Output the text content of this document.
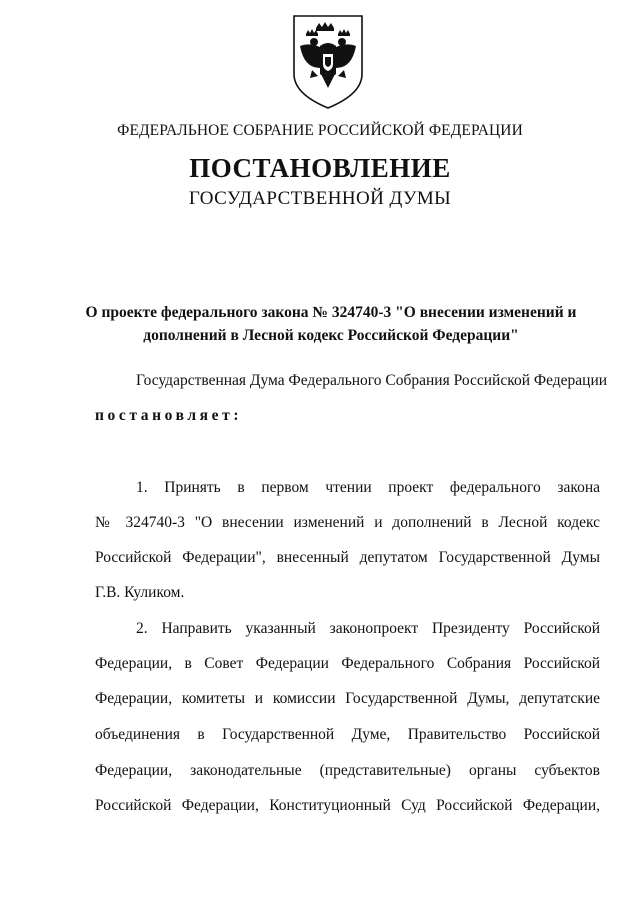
ФЕДЕРАЛЬНОЕ СОБРАНИЕ РОССИЙСКОЙ ФЕДЕРАЦИИ
ПОСТАНОВЛЕНИЕ
ГОСУДАРСТВЕННОЙ ДУМЫ
О проекте федерального закона № 324740-3 "О внесении изменений и
дополнений в Лесной кодекс Российской Федерации"
Государственная Дума Федерального Собрания Российской Федерации
постановляет:
1. Принять в первом чтении проект федерального закона
№ 324740-3 "О внесении изменений и дополнений в Лесной кодекс
Российской Федерации", внесенный депутатом Государственной Думы
Г.В. Куликом.
2. Направить указанный законопроект Президенту Российской
Федерации, в Совет Федерации Федерального Собрания Российской
Федерации, комитеты и комиссии Государственной Думы, депутатские
объединения в Государственной Думе, Правительство Российской
Федерации, законодательные (представительные) органы субъектов
Российской Федерации, Конституционный Суд Российской Федерации,
